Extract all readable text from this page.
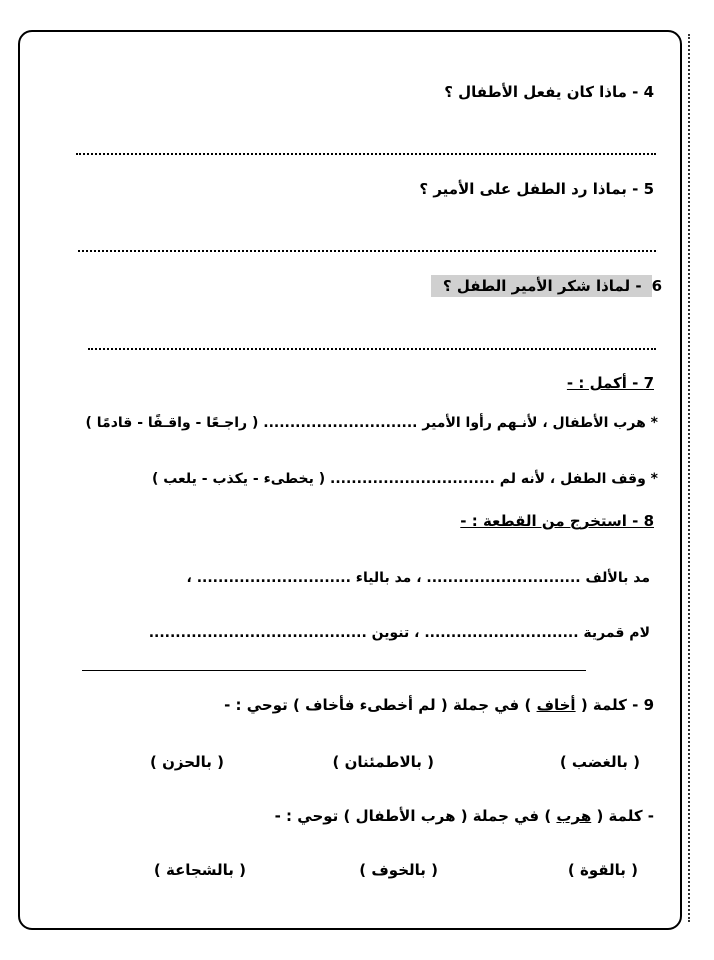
4 - ماذا كان يفعل الأطفال ؟
5 - بماذا رد الطفل على الأمير ؟
6- لماذا شكر الأمير الطفل ؟
7 - أكمل : -
* هرب الأطفال ، لأنـهم رأوا الأمير ............................. ( راجـعًا - واقـفًا - قادمًا )
* وقف الطفل ، لأنه لم ............................... ( يخطىء - يكذب - يلعب )
8 - استخرج من القطعة : -
مد بالألف ............................. ، مد بالياء ............................. ،
لام قمرية ............................. ، تنوين .........................................
9 - كلمة ( أخاف ) في جملة ( لم أخطىء فأخاف ) توحي : -
( بالغضب )
( بالاطمئنان )
( بالحزن )
- كلمة ( هرب ) في جملة ( هرب الأطفال ) توحي : -
( بالقوة )
( بالخوف )
( بالشجاعة )
